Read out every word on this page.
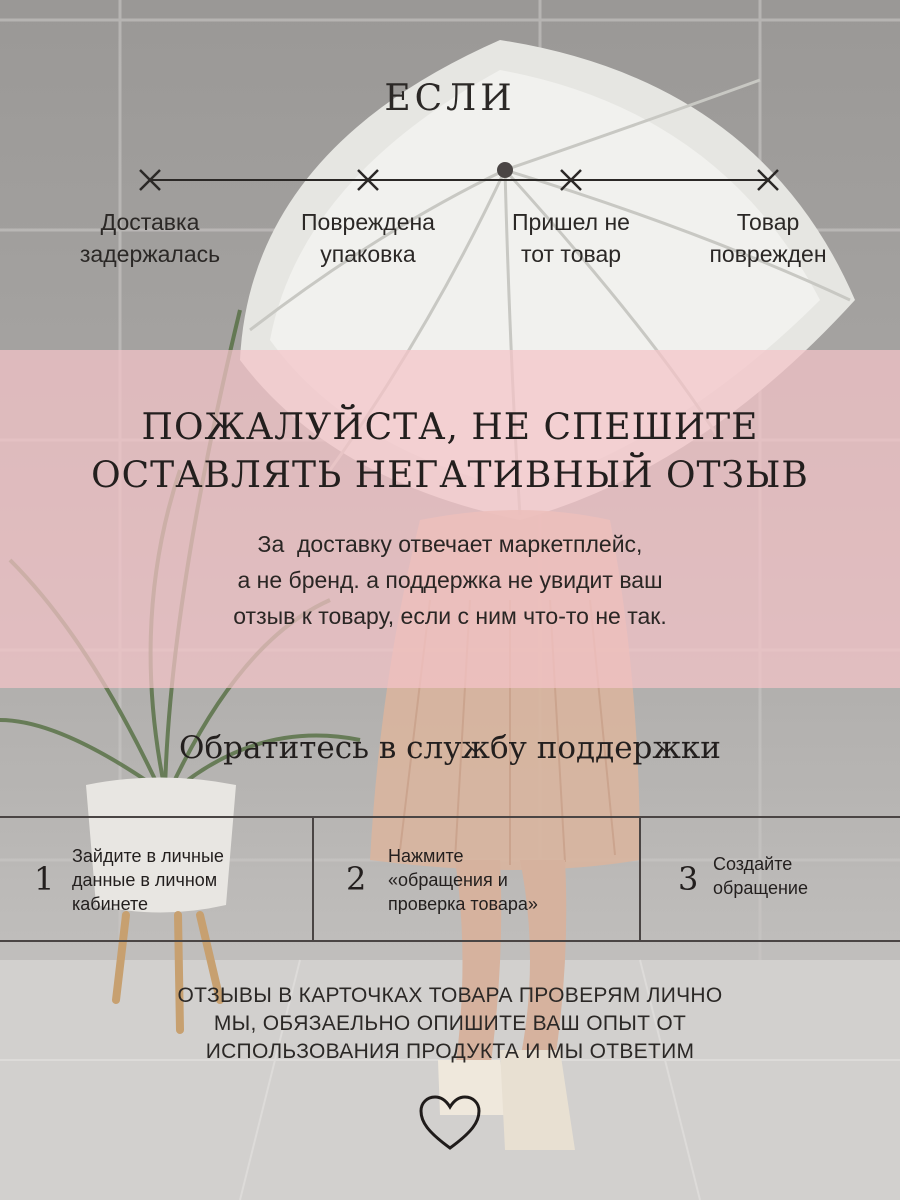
ЕСЛИ
Доставка
задержалась
Повреждена
упаковка
Пришел не
тот товар
Товар
поврежден
ПОЖАЛУЙСТА, НЕ СПЕШИТЕ
ОСТАВЛЯТЬ НЕГАТИВНЫЙ ОТЗЫВ
За  доставку отвечает маркетплейс,
а не бренд. а поддержка не увидит ваш
отзыв к товару, если с ним что-то не так.
Обратитесь в службу поддержки
1
Зайдите в личные
данные в личном
кабинете
2
Нажмите
«обращения и
проверка товара»
3 Создайте
обращение
ОТЗЫВЫ В КАРТОЧКАХ ТОВАРА ПРОВЕРЯМ ЛИЧНО
МЫ, ОБЯЗАЕЛЬНО ОПИШИТЕ ВАШ ОПЫТ ОТ
ИСПОЛЬЗОВАНИЯ ПРОДУКТА И МЫ ОТВЕТИМ
